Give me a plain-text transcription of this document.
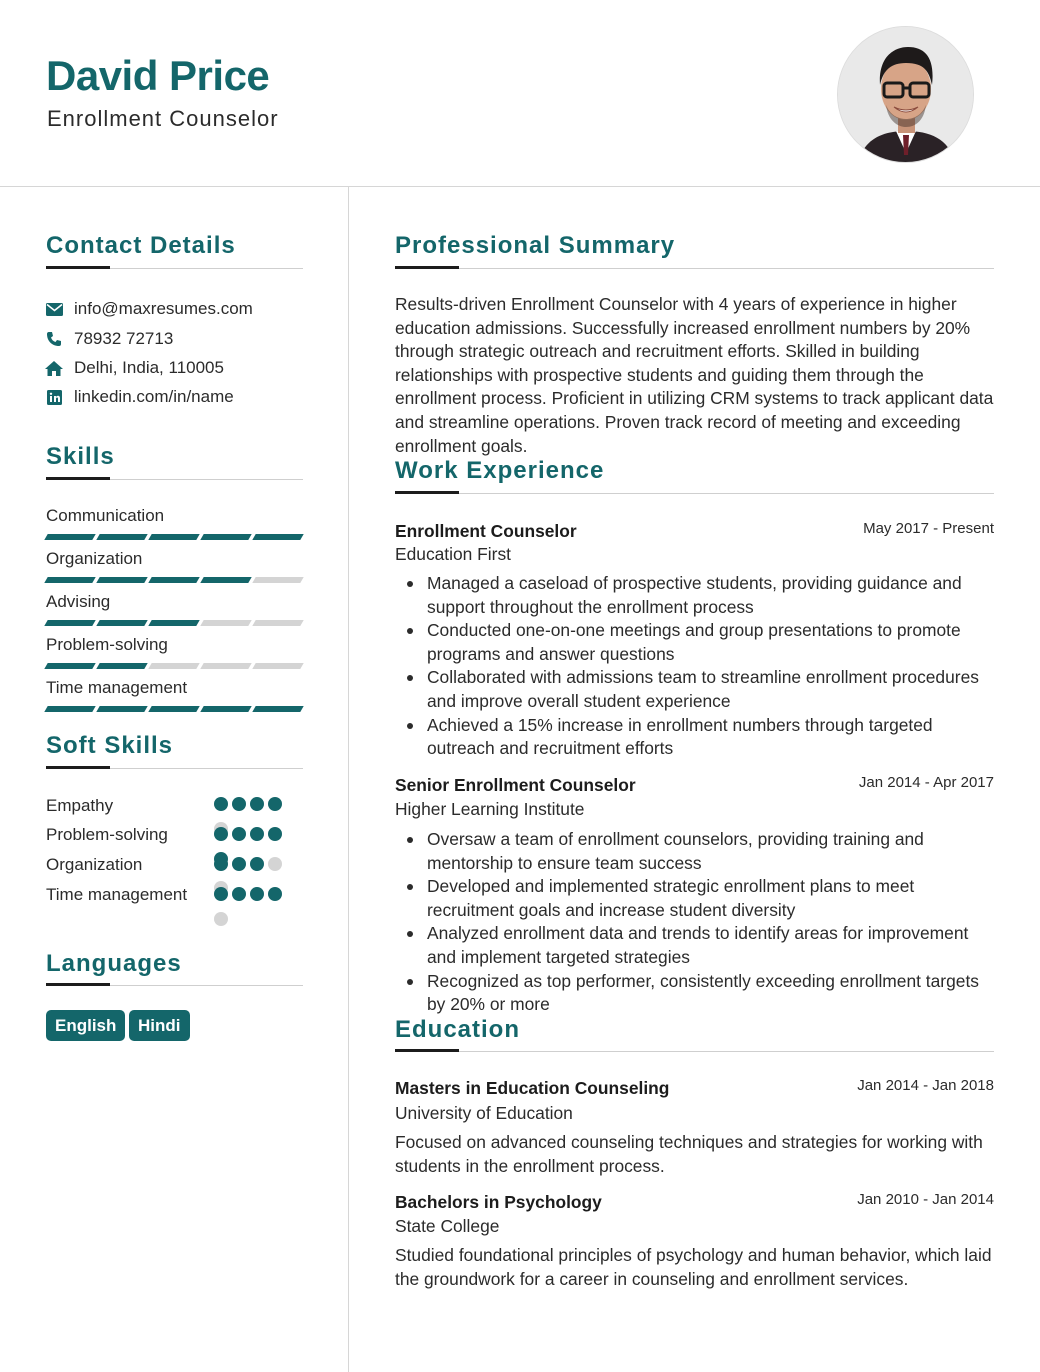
David Price
Enrollment Counselor
Contact Details
info@maxresumes.com
78932 72713
Delhi, India, 110005
linkedin.com/in/name
Skills
Communication
Organization
Advising
Problem-solving
Time management
Soft Skills
Empathy
Problem-solving
Organization
Time management
Languages
English	Hindi
Professional Summary
Results-driven Enrollment Counselor with 4 years of experience in higher education admissions. Successfully increased enrollment numbers by 20% through strategic outreach and recruitment efforts. Skilled in building relationships with prospective students and guiding them through the enrollment process. Proficient in utilizing CRM systems to track applicant data and streamline operations. Proven track record of meeting and exceeding enrollment goals.
Work Experience
Enrollment Counselor	May 2017 - Present
Education First
Managed a caseload of prospective students, providing guidance and support throughout the enrollment process
Conducted one-on-one meetings and group presentations to promote programs and answer questions
Collaborated with admissions team to streamline enrollment procedures and improve overall student experience
Achieved a 15% increase in enrollment numbers through targeted outreach and recruitment efforts
Senior Enrollment Counselor	Jan 2014 - Apr 2017
Higher Learning Institute
Oversaw a team of enrollment counselors, providing training and mentorship to ensure team success
Developed and implemented strategic enrollment plans to meet recruitment goals and increase student diversity
Analyzed enrollment data and trends to identify areas for improvement and implement targeted strategies
Recognized as top performer, consistently exceeding enrollment targets by 20% or more
Education
Masters in Education Counseling	Jan 2014 - Jan 2018
University of Education
Focused on advanced counseling techniques and strategies for working with students in the enrollment process.
Bachelors in Psychology	Jan 2010 - Jan 2014
State College
Studied foundational principles of psychology and human behavior, which laid the groundwork for a career in counseling and enrollment services.
